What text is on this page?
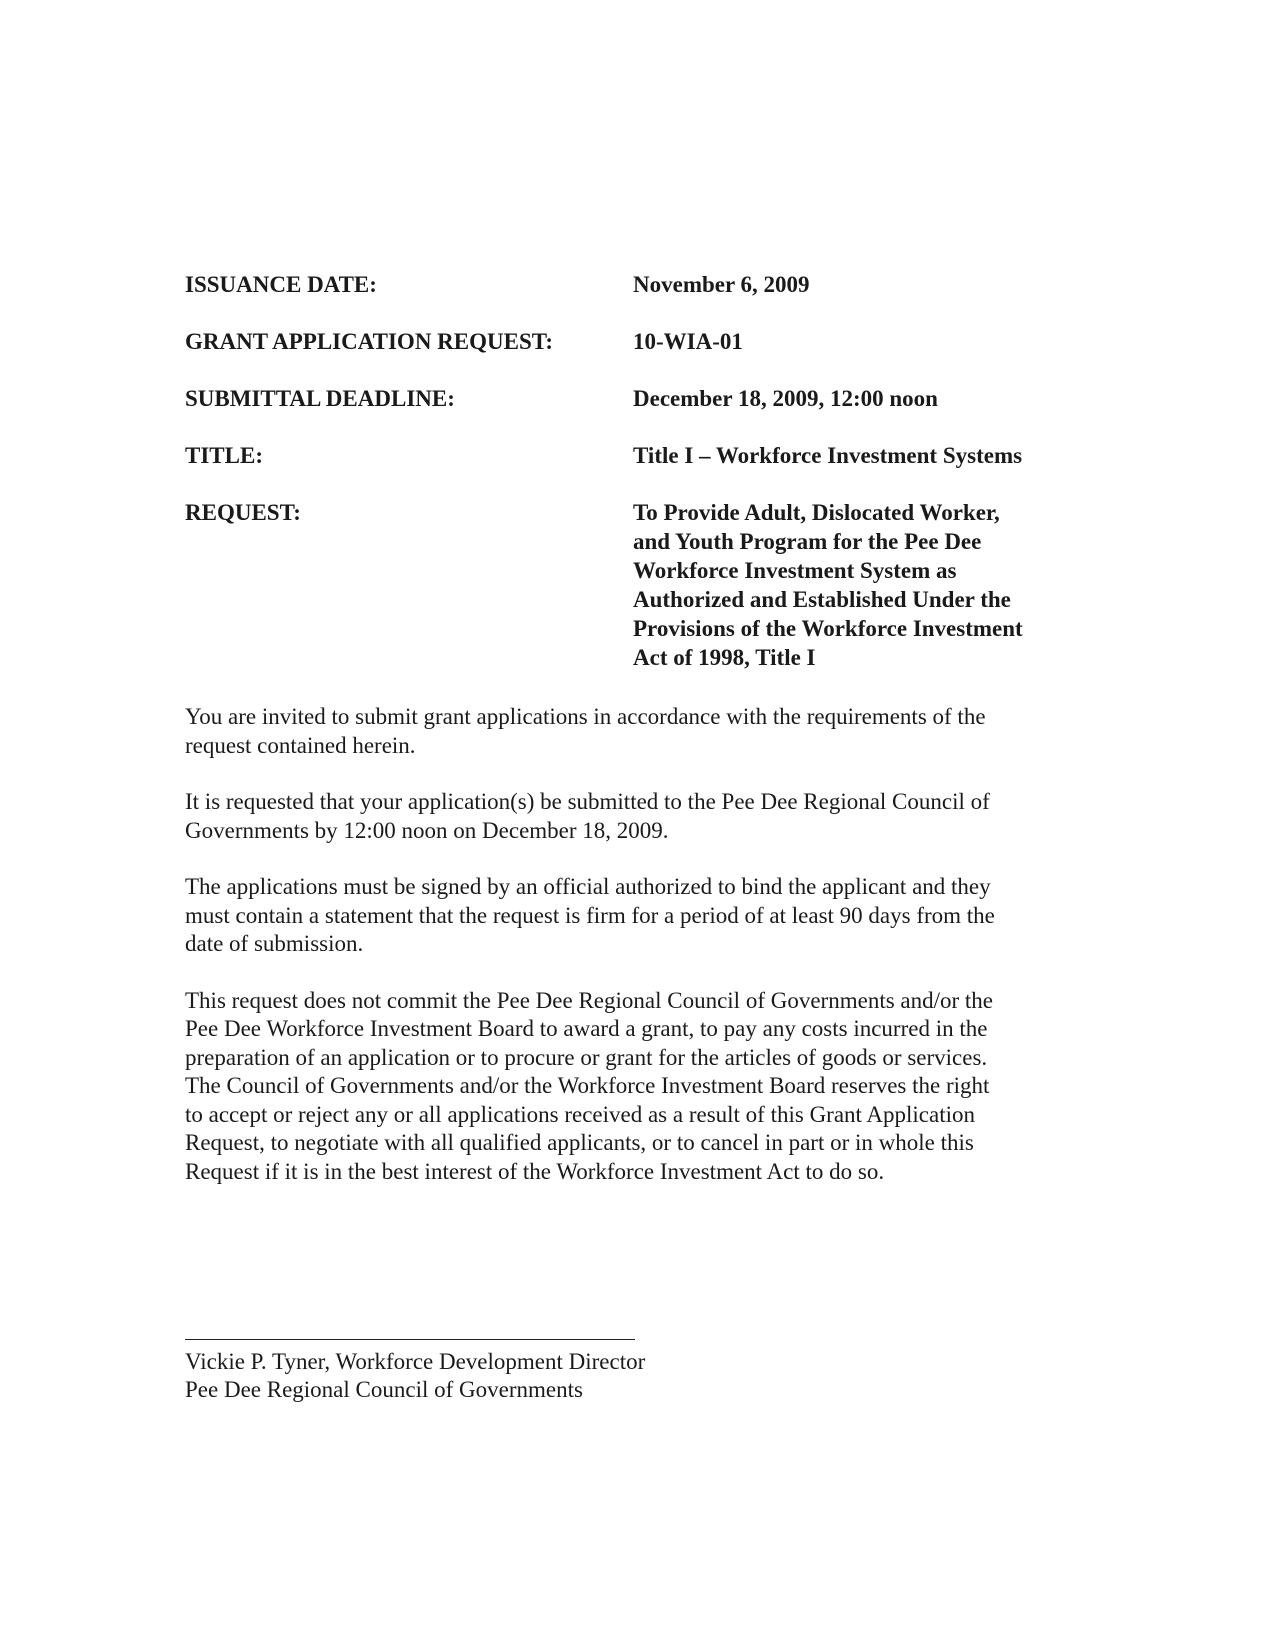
ISSUANCE DATE:	November 6, 2009
GRANT APPLICATION REQUEST:	10-WIA-01
SUBMITTAL DEADLINE:	December 18, 2009, 12:00 noon
TITLE:	Title I – Workforce Investment Systems
REQUEST:	To Provide Adult, Dislocated Worker,
and Youth Program for the Pee Dee
Workforce Investment System as
Authorized and Established Under the
Provisions of the Workforce Investment
Act of 1998, Title I

You are invited to submit grant applications in accordance with the requirements of the
request contained herein.

It is requested that your application(s) be submitted to the Pee Dee Regional Council of
Governments by 12:00 noon on December 18, 2009.

The applications must be signed by an official authorized to bind the applicant and they
must contain a statement that the request is firm for a period of at least 90 days from the
date of submission.

This request does not commit the Pee Dee Regional Council of Governments and/or the
Pee Dee Workforce Investment Board to award a grant, to pay any costs incurred in the
preparation of an application or to procure or grant for the articles of goods or services.
The Council of Governments and/or the Workforce Investment Board reserves the right
to accept or reject any or all applications received as a result of this Grant Application
Request, to negotiate with all qualified applicants, or to cancel in part or in whole this
Request if it is in the best interest of the Workforce Investment Act to do so.

Vickie P. Tyner, Workforce Development Director
Pee Dee Regional Council of Governments
